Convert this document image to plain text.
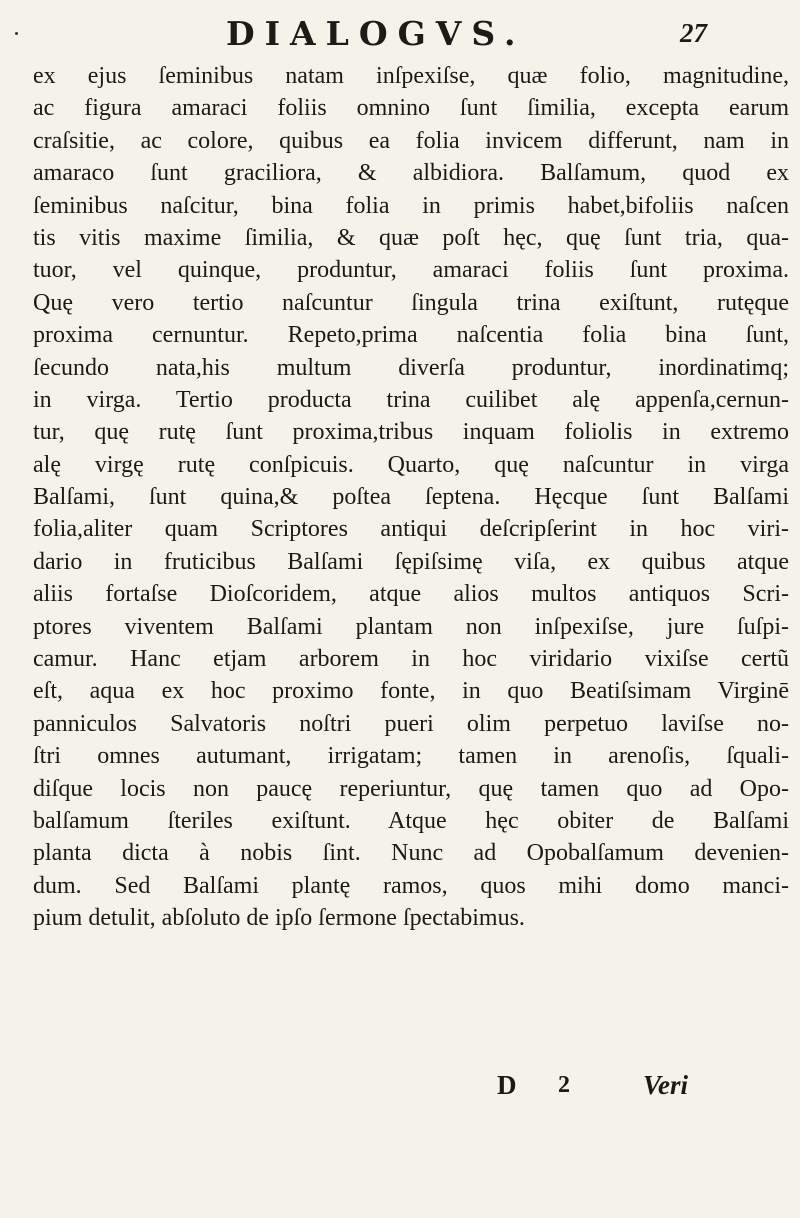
DIALOGVS.	27
ex ejus ſeminibus natam inſpexiſse, quæ folio, magnitudine,
ac figura amaraci foliis omnino ſunt ſimilia, excepta earum
craſsitie, ac colore, quibus ea folia invicem differunt, nam in
amaraco ſunt graciliora, & albidiora. Balſamum, quod ex
ſeminibus naſcitur, bina folia in primis habet,bifoliis naſcen
tis vitis maxime ſimilia, & quæ poſt hęc, quę ſunt tria, qua-
tuor, vel quinque, produntur, amaraci foliis ſunt proxima.
Quę vero tertio naſcuntur ſingula trina exiſtunt, rutęque
proxima cernuntur. Repeto,prima naſcentia folia bina ſunt,
ſecundo nata,his multum diverſa produntur, inordinatimq;
in virga. Tertio producta trina cuilibet alę appenſa,cernun-
tur, quę rutę ſunt proxima,tribus inquam foliolis in extremo
alę virgę rutę conſpicuis. Quarto, quę naſcuntur in virga
Balſami, ſunt quina,& poſtea ſeptena. Hęcque ſunt Balſami
folia,aliter quam Scriptores antiqui deſcripſerint in hoc viri-
dario in fruticibus Balſami ſępiſsimę viſa, ex quibus atque
aliis fortaſse Dioſcoridem, atque alios multos antiquos Scri-
ptores viventem Balſami plantam non inſpexiſse, jure ſuſpi-
camur. Hanc etjam arborem in hoc viridario vixiſse certũ
eſt, aqua ex hoc proximo fonte, in quo Beatiſsimam Virginē
panniculos Salvatoris noſtri pueri olim perpetuo laviſse no-
ſtri omnes autumant, irrigatam; tamen in arenoſis, ſquali-
diſque locis non paucę reperiuntur, quę tamen quo ad Opo-
balſamum ſteriles exiſtunt. Atque hęc obiter de Balſami
planta dicta à nobis ſint. Nunc ad Opobalſamum devenien-
dum. Sed Balſami plantę ramos, quos mihi domo manci-
pium detulit, abſoluto de ipſo ſermone ſpectabimus.
D 2	Veri
